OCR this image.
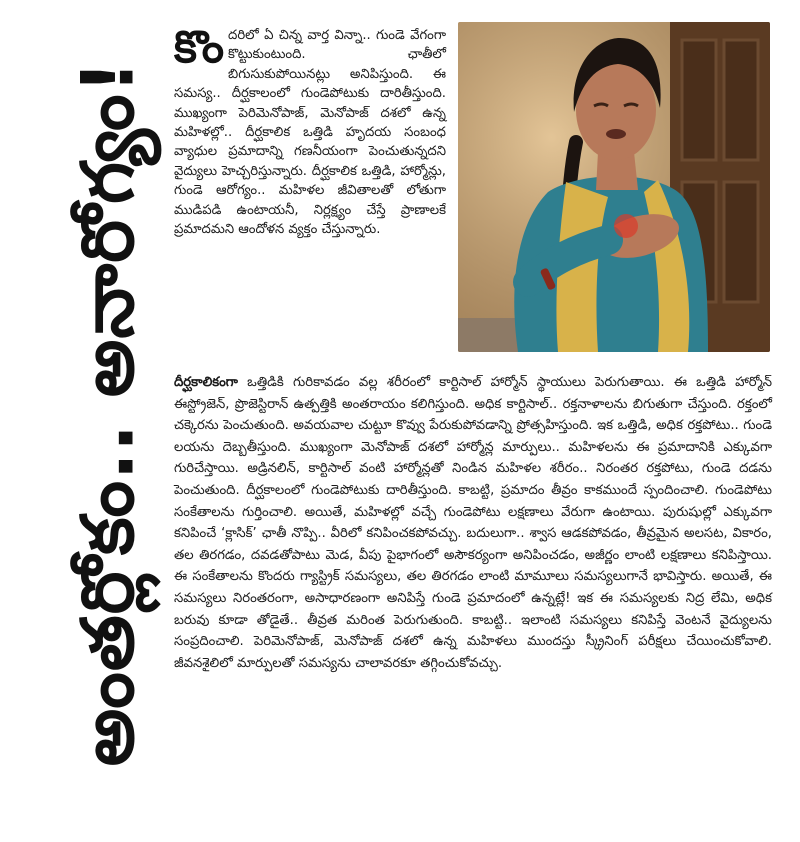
అంతర్లోకం.. అనారోగ్యం!
కొందరిలో ఏ చిన్న వార్త విన్నా.. గుండె వేగంగా కొట్టుకుంటుంది. ఛాతీలో బిగుసుకుపోయినట్లు అనిపిస్తుంది. ఈ సమస్య.. దీర్ఘకాలంలో గుండెపోటుకు దారితీస్తుంది. ముఖ్యంగా పెరిమెనోపాజ్, మెనోపాజ్ దశలో ఉన్న మహిళల్లో.. దీర్ఘకాలిక ఒత్తిడి హృదయ సంబంధ వ్యాధుల ప్రమాదాన్ని గణనీయంగా పెంచుతున్నదని వైద్యులు హెచ్చరిస్తున్నారు. దీర్ఘకాలిక ఒత్తిడి, హార్మోన్లు, గుండె ఆరోగ్యం.. మహిళల జీవితాలతో లోతుగా ముడిపడి ఉంటాయనీ, నిర్లక్ష్యం చేస్తే ప్రాణాలకే ప్రమాదమని ఆందోళన వ్యక్తం చేస్తున్నారు.
దీర్ఘకాలికంగా ఒత్తిడికి గురికావడం వల్ల శరీరంలో కార్టిసాల్ హార్మోన్ స్థాయులు పెరుగుతాయి. ఈ ఒత్తిడి హార్మోన్ ఈస్ట్రోజెన్, ప్రొజెస్టిరాన్ ఉత్పత్తికి అంతరాయం కలిగిస్తుంది. అధిక కార్టిసాల్.. రక్తనాళాలను బిగుతుగా చేస్తుంది. రక్తంలో చక్కెరను పెంచుతుంది. అవయవాల చుట్టూ కొవ్వు పేరుకుపోవడాన్ని ప్రోత్సహిస్తుంది. ఇక ఒత్తిడి, అధిక రక్తపోటు.. గుండె లయను దెబ్బతీస్తుంది. ముఖ్యంగా మెనోపాజ్ దశలో హార్మోన్ల మార్పులు.. మహిళలను ఈ ప్రమాదానికి ఎక్కువగా గురిచేస్తాయి. అడ్రినలిన్, కార్టిసాల్ వంటి హార్మోన్లతో నిండిన మహిళల శరీరం.. నిరంతర రక్తపోటు, గుండె దడను పెంచుతుంది. దీర్ఘకాలంలో గుండెపోటుకు దారితీస్తుంది. కాబట్టి, ప్రమాదం తీవ్రం కాకముందే స్పందించాలి. గుండెపోటు సంకేతాలను గుర్తించాలి. అయితే, మహిళల్లో వచ్చే గుండెపోటు లక్షణాలు వేరుగా ఉంటాయి. పురుషుల్లో ఎక్కువగా కనిపించే ‘క్లాసిక్’ ఛాతీ నొప్పి.. వీరిలో కనిపించకపోవచ్చు. బదులుగా.. శ్వాస ఆడకపోవడం, తీవ్రమైన అలసట, వికారం, తల తిరగడం, దవడతోపాటు మెడ, వీపు పైభాగంలో అసౌకర్యంగా అనిపించడం, అజీర్ణం లాంటి లక్షణాలు కనిపిస్తాయి. ఈ సంకేతాలను కొందరు గ్యాస్ట్రిక్ సమస్యలు, తల తిరగడం లాంటి మామూలు సమస్యలుగానే భావిస్తారు. అయితే, ఈ సమస్యలు నిరంతరంగా, అసాధారణంగా అనిపిస్తే గుండె ప్రమాదంలో ఉన్నట్లే! ఇక ఈ సమస్యలకు నిద్ర లేమి, అధిక బరువు కూడా తోడైతే.. తీవ్రత మరింత పెరుగుతుంది. కాబట్టి.. ఇలాంటి సమస్యలు కనిపిస్తే వెంటనే వైద్యులను సంప్రదించాలి. పెరిమెనోపాజ్, మెనోపాజ్ దశలో ఉన్న మహిళలు ముందస్తు స్క్రీనింగ్ పరీక్షలు చేయించుకోవాలి. జీవనశైలిలో మార్పులతో సమస్యను చాలావరకూ తగ్గించుకోవచ్చు.
